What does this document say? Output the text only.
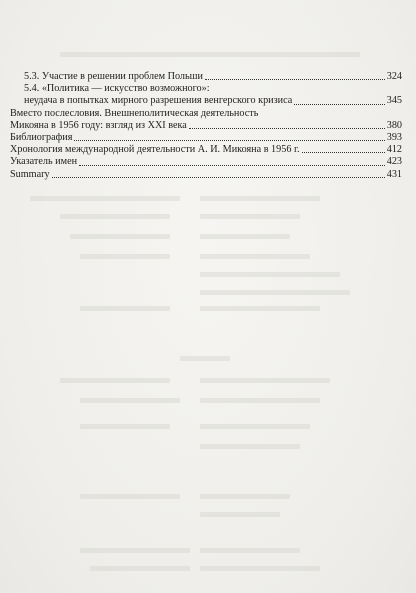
5.3. Участие в решении проблем Польши	324
5.4. «Политика — искусство возможного»:
неудача в попытках мирного разрешения венгерского кризиса	345
Вместо послесловия. Внешнеполитическая деятельность
Микояна в 1956 году: взгляд из XXI века	380
Библиография	393
Хронология международной деятельности А. И. Микояна в 1956 г.	412
Указатель имен	423
Summary	431
